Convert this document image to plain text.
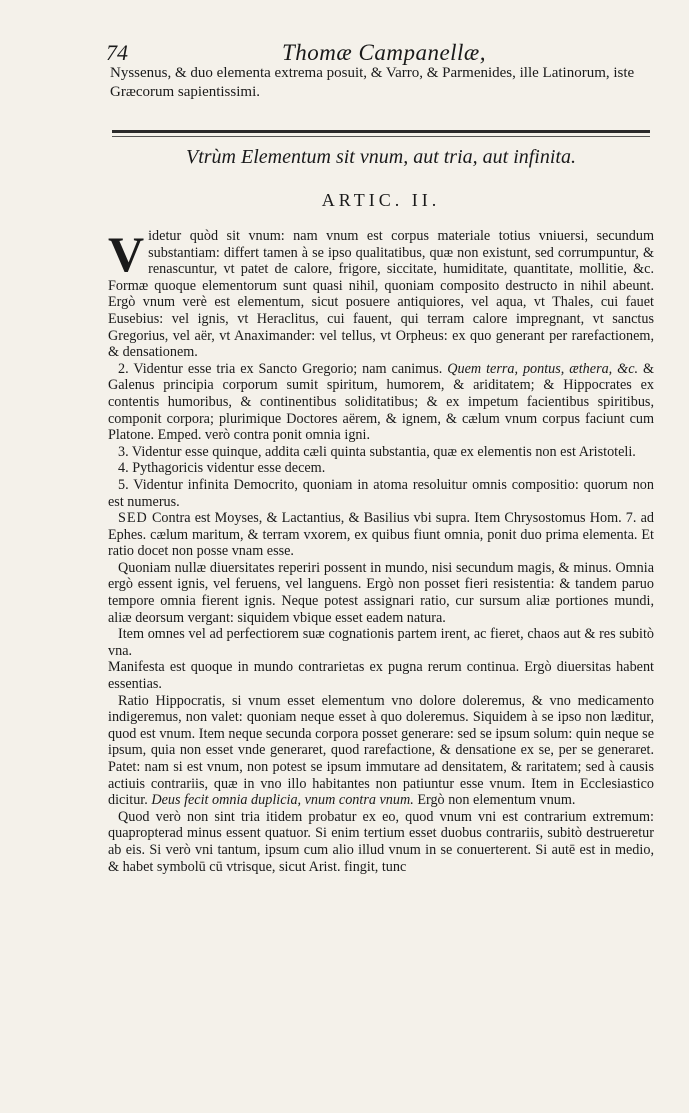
74	Thomæ Campanellæ,
Nyssenus, & duo elementa extrema posuit, & Varro, & Parmenides, ille Latinorum, iste Græcorum sapientissimi.
Vtrùm Elementum sit vnum, aut tria, aut infinita.
ARTIC. II.

Videtur quòd sit vnum: nam vnum est corpus materiale totius vniuersi, secundum substantiam: differt tamen à se ipso qualitatibus, quæ non existunt, sed corrumpuntur, & renascuntur, vt patet de calore, frigore, siccitate, humiditate, quantitate, mollitie, &c. Formæ quoque elementorum sunt quasi nihil, quoniam composito destructo in nihil abeunt. Ergò vnum verè est elementum, sicut posuere antiquiores, vel aqua, vt Thales, cui fauet Eusebius: vel ignis, vt Heraclitus, cui fauent, qui terram calore impregnant, vt sanctus Gregorius, vel aër, vt Anaximander: vel tellus, vt Orpheus: ex quo generant per rarefactionem, & densationem.

2. Videntur esse tria ex Sancto Gregorio; nam canimus. Quem terra, pontus, æthera, &c. & Galenus principia corporum sumit spiritum, humorem, & ariditatem; & Hippocrates ex contentis humoribus, & continentibus soliditatibus; & ex impetum facientibus spiritibus, componit corpora; plurimique Doctores aërem, & ignem, & cælum vnum corpus faciunt cum Platone. Emped. verò contra ponit omnia igni.

3. Videntur esse quinque, addita cæli quinta substantia, quæ ex elementis non est Aristoteli.

4. Pythagoricis videntur esse decem.

5. Videntur infinita Democrito, quoniam in atoma resoluitur omnis compositio: quorum non est numerus.

SED Contra est Moyses, & Lactantius, & Basilius vbi supra. Item Chrysostomus Hom. 7. ad Ephes. cælum maritum, & terram vxorem, ex quibus fiunt omnia, ponit duo prima elementa. Et ratio docet non posse vnam esse.

Quoniam nullæ diuersitates reperiri possent in mundo, nisi secundum magis, & minus. Omnia ergò essent ignis, vel feruens, vel languens. Ergò non posset fieri resistentia: & tandem paruo tempore omnia fierent ignis. Neque potest assignari ratio, cur sursum aliæ portiones mundi, aliæ deorsum vergant: siquidem vbique esset eadem natura.

Item omnes vel ad perfectiorem suæ cognationis partem irent, ac fieret, chaos aut & res subitò vna.

Manifesta est quoque in mundo contrarietas ex pugna rerum continua. Ergò diuersitas habent essentias.

Ratio Hippocratis, si vnum esset elementum vno dolore doleremus, & vno medicamento indigeremus, non valet: quoniam neque esset à quo doleremus. Siquidem à se ipso non læditur, quod est vnum. Item neque secunda corpora posset generare: sed se ipsum solum: quin neque se ipsum, quia non esset vnde generaret, quod rarefactione, & densatione ex se, per se generaret. Patet: nam si est vnum, non potest se ipsum immutare ad densitatem, & raritatem; sed à causis actiuis contrariis, quæ in vno illo habitantes non patiuntur esse vnum. Item in Ecclesiastico dicitur. Deus fecit omnia duplicia, vnum contra vnum. Ergò non elementum vnum.

Quod verò non sint tria itidem probatur ex eo, quod vnum vni est contrarium extremum: quapropterad minus essent quatuor. Si enim tertium esset duobus contrariis, subitò destrueretur ab eis. Si verò vni tantum, ipsum cum alio illud vnum in se conuerterent. Si autē est in medio, & habet symbolū cū vtrisque, sicut Arist. fingit, tunc
